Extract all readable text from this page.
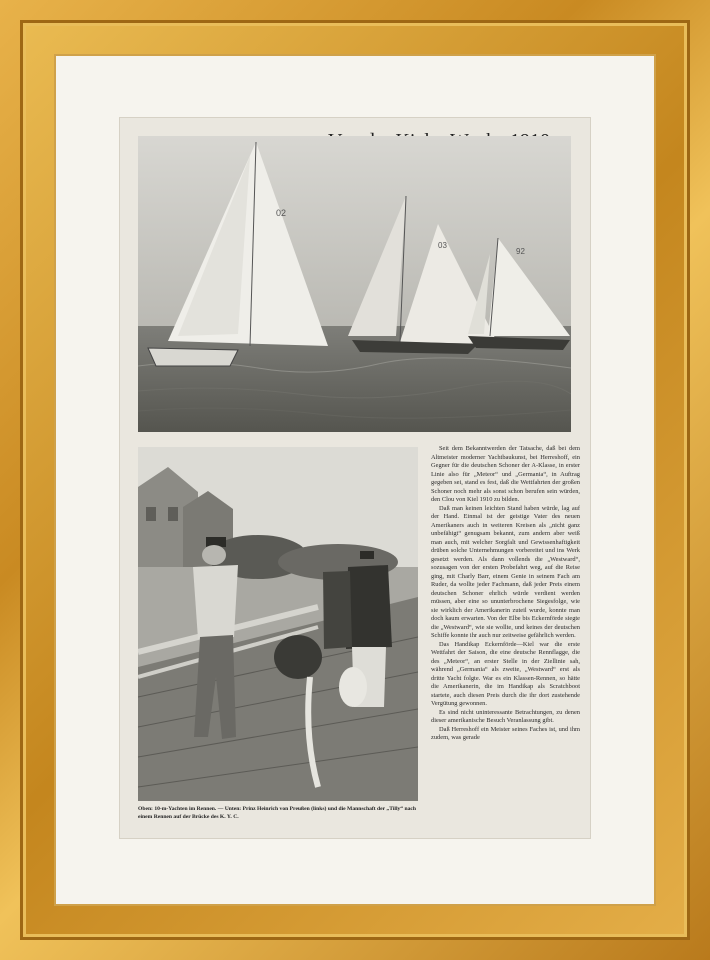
02
03
92
Oben: 10-m-Yachten im Rennen. — Unten: Prinz Heinrich von Preußen (links) und die Mannschaft der „Tilly“ nach einem Rennen auf der Brücke des K. Y. C.

Seit dem Bekanntwerden der Tatsache, daß bei dem Altmeister moderner Yachtbaukunst, bei Herreshoff, ein Gegner für die deutschen Schoner der A-Klasse, in erster Linie also für „Meteor“ und „Germania“, in Auftrag gegeben sei, stand es fest, daß die Wettfahrten der großen Schoner noch mehr als sonst schon berufen sein würden, den Clou von Kiel 1910 zu bilden.

Daß man keinen leichten Stand haben würde, lag auf der Hand. Einmal ist der geistige Vater des neuen Amerikaners auch in weiteren Kreisen als „nicht ganz unbefähigt“ genugsam bekannt, zum andern aber weiß man auch, mit welcher Sorgfalt und Gewissenhaftigkeit drüben solche Unternehmungen vorbereitet und ins Werk gesetzt werden. Als dann vollends die „Westward“, sozusagen von der ersten Probefahrt weg, auf die Reise ging, mit Charly Barr, einem Genie in seinem Fach am Ruder, da wollte jeder Fachmann, daß jeder Preis einem deutschen Schoner ehrlich würde verdient werden müssen, aber eine so ununterbrochene Siegesfolge, wie sie wirklich der Amerikanerin zuteil wurde, konnte man doch kaum erwarten. Von der Elbe bis Eckernförde siegte die „Westward“, wie sie wollte, und keines der deutschen Schiffe konnte ihr auch nur zeitweise gefährlich werden.

Das Handikap Eckernförde—Kiel war die erste Wettfahrt der Saison, die eine deutsche Rennflagge, die des „Meteor“, an erster Stelle in der Ziellinie sah, während „Germania“ als zweite, „Westward“ erst als dritte Yacht folgte. War es ein Klassen-Rennen, so hätte die Amerikanerin, die im Handikap als Scratchboot startete, auch diesen Preis durch die ihr dort zustehende Vergütung gewonnen.

Es sind nicht uninteressante Betrachtungen, zu denen dieser amerikanische Besuch Veranlassung gibt.

Daß Herreshoff ein Meister seines Faches ist, und ihm zudem, was gerade
